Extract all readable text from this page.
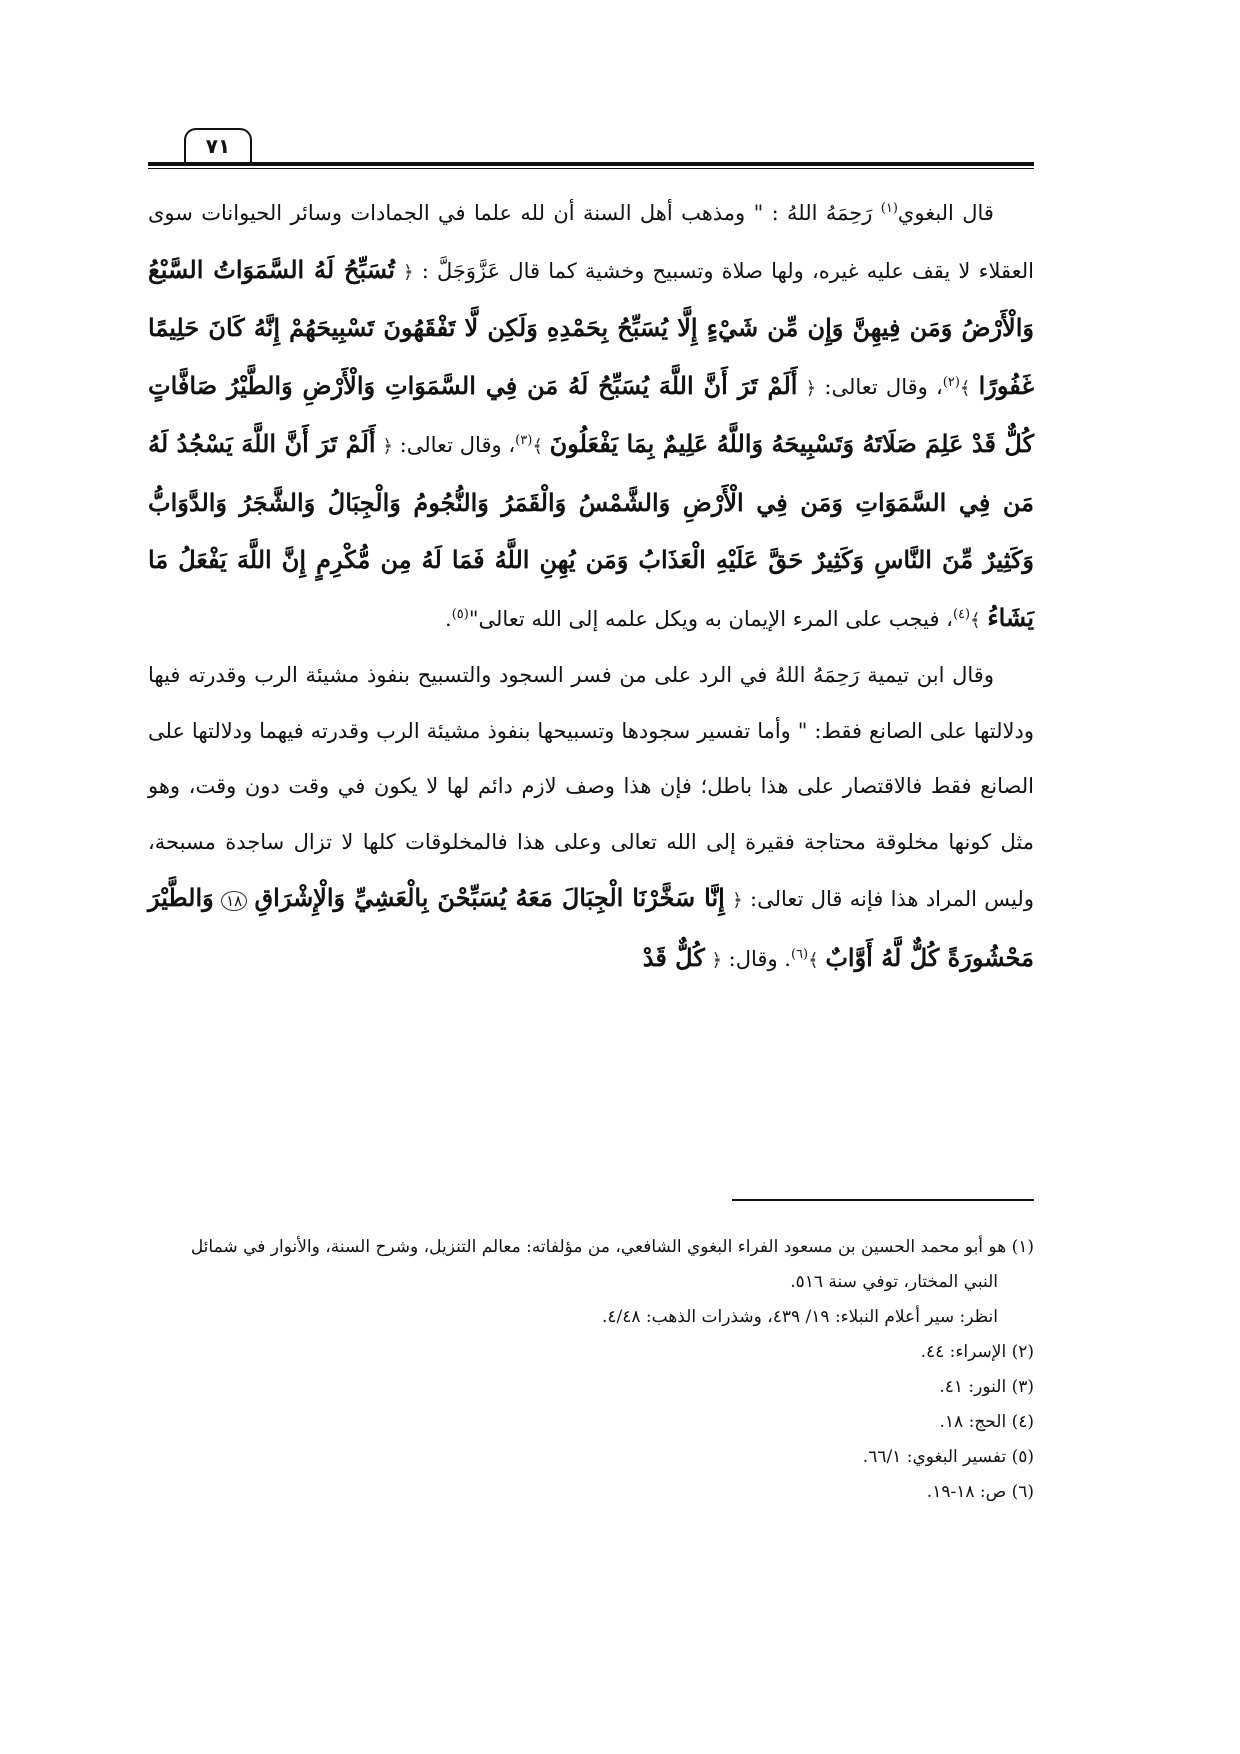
٧١

قال البغوي$^{(١)}$ رَحِمَهُ اللهُ : " ومذهب أهل السنة أن لله علما في الجمادات وسائر الحيوانات سوى العقلاء لا يقف عليه غيره، ولها صلاة وتسبيح وخشية كما قال عَزَّوَجَلَّ : ﴿ تُسَبِّحُ لَهُ السَّمَوَاتُ السَّبْعُ وَالْأَرْضُ وَمَن فِيهِنَّ وَإِن مِّن شَيْءٍ إِلَّا يُسَبِّحُ بِحَمْدِهِ وَلَكِن لَّا تَفْقَهُونَ تَسْبِيحَهُمْ إِنَّهُ كَانَ حَلِيمًا غَفُورًا ﴾$^{(٢)}$، وقال تعالى: ﴿ أَلَمْ تَرَ أَنَّ اللَّهَ يُسَبِّحُ لَهُ مَن فِي السَّمَوَاتِ وَالْأَرْضِ وَالطَّيْرُ صَافَّاتٍ كُلٌّ قَدْ عَلِمَ صَلَاتَهُ وَتَسْبِيحَهُ وَاللَّهُ عَلِيمٌ بِمَا يَفْعَلُونَ ﴾$^{(٣)}$، وقال تعالى: ﴿ أَلَمْ تَرَ أَنَّ اللَّهَ يَسْجُدُ لَهُ مَن فِي السَّمَوَاتِ وَمَن فِي الْأَرْضِ وَالشَّمْسُ وَالْقَمَرُ وَالنُّجُومُ وَالْجِبَالُ وَالشَّجَرُ وَالدَّوَابُّ وَكَثِيرٌ مِّنَ النَّاسِ وَكَثِيرٌ حَقَّ عَلَيْهِ الْعَذَابُ وَمَن يُهِنِ اللَّهُ فَمَا لَهُ مِن مُّكْرِمٍ إِنَّ اللَّهَ يَفْعَلُ مَا يَشَاءُ ﴾$^{(٤)}$، فيجب على المرء الإيمان به ويكل علمه إلى الله تعالى"$^{(٥)}$.

وقال ابن تيمية رَحِمَهُ اللهُ في الرد على من فسر السجود والتسبيح بنفوذ مشيئة الرب وقدرته فيها ودلالتها على الصانع فقط: " وأما تفسير سجودها وتسبيحها بنفوذ مشيئة الرب وقدرته فيهما ودلالتها على الصانع فقط فالاقتصار على هذا باطل؛ فإن هذا وصف لازم دائم لها لا يكون في وقت دون وقت، وهو مثل كونها مخلوقة محتاجة فقيرة إلى الله تعالى وعلى هذا فالمخلوقات كلها لا تزال ساجدة مسبحة، وليس المراد هذا فإنه قال تعالى: ﴿ إِنَّا سَخَّرْنَا الْجِبَالَ مَعَهُ يُسَبِّحْنَ بِالْعَشِيِّ وَالْإِشْرَاقِ ١٨ وَالطَّيْرَ مَحْشُورَةً كُلٌّ لَّهُ أَوَّابٌ ﴾$^{(٦)}$. وقال: ﴿ كُلٌّ قَدْ

(١) هو أبو محمد الحسين بن مسعود الفراء البغوي الشافعي، من مؤلفاته: معالم التنزيل، وشرح السنة، والأنوار في شمائل

النبي المختار، توفي سنة ٥١٦.

انظر: سير أعلام النبلاء: ١٩/ ٤٣٩، وشذرات الذهب: ٤/٤٨.

(٢) الإسراء: ٤٤.

(٣) النور: ٤١.

(٤) الحج: ١٨.

(٥) تفسير البغوي: ٦٦/١.

(٦) ص: ١٨-١٩.
